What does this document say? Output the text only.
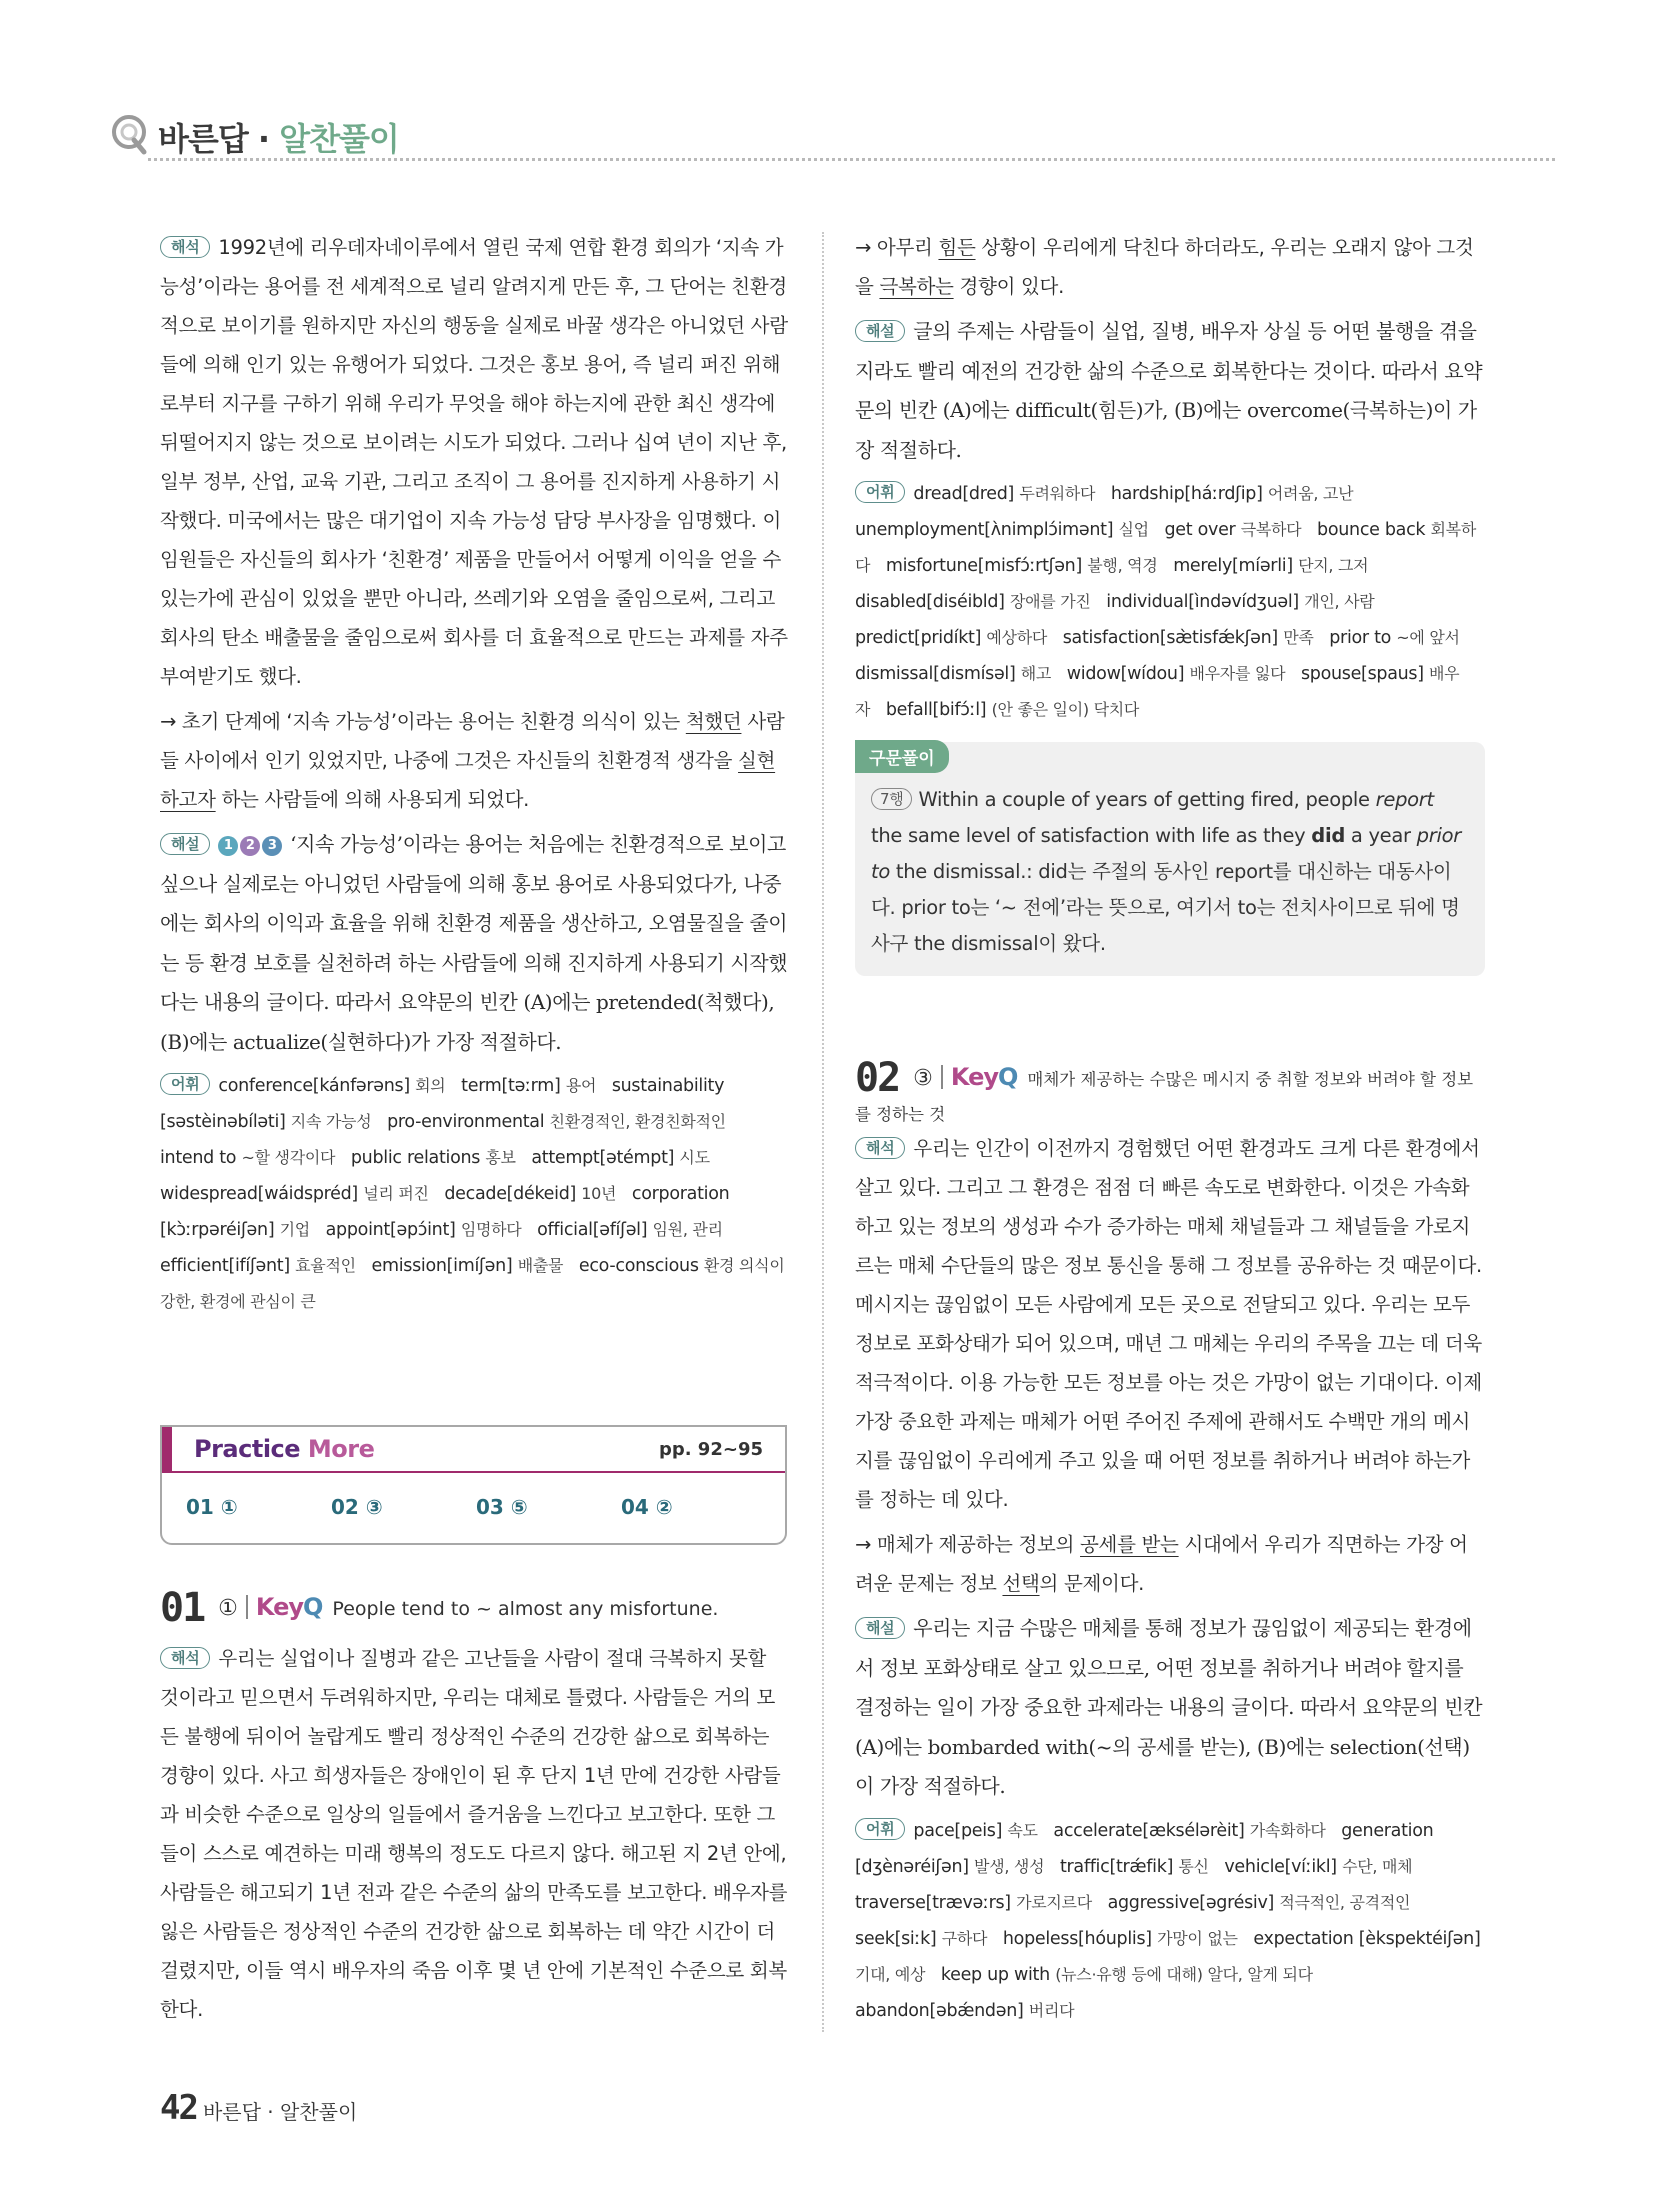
바른답 · 알찬풀이
해석 1992년에 리우데자네이루에서 열린 국제 연합 환경 회의가 ‘지속 가능성’이라는 용어를 전 세계적으로 널리 알려지게 만든 후, 그 단어는 친환경적으로 보이기를 원하지만 자신의 행동을 실제로 바꿀 생각은 아니었던 사람들에 의해 인기 있는 유행어가 되었다. 그것은 홍보 용어, 즉 널리 퍼진 위해로부터 지구를 구하기 위해 우리가 무엇을 해야 하는지에 관한 최신 생각에 뒤떨어지지 않는 것으로 보이려는 시도가 되었다. 그러나 십여 년이 지난 후, 일부 정부, 산업, 교육 기관, 그리고 조직이 그 용어를 진지하게 사용하기 시작했다. 미국에서는 많은 대기업이 지속 가능성 담당 부사장을 임명했다. 이 임원들은 자신들의 회사가 ‘친환경’ 제품을 만들어서 어떻게 이익을 얻을 수 있는가에 관심이 있었을 뿐만 아니라, 쓰레기와 오염을 줄임으로써, 그리고 회사의 탄소 배출물을 줄임으로써 회사를 더 효율적으로 만드는 과제를 자주 부여받기도 했다.
→ 초기 단계에 ‘지속 가능성’이라는 용어는 친환경 의식이 있는 척했던 사람들 사이에서 인기 있었지만, 나중에 그것은 자신들의 친환경적 생각을 실현하고자 하는 사람들에 의해 사용되게 되었다.
해설 1 2 3 ‘지속 가능성’이라는 용어는 처음에는 친환경적으로 보이고 싶으나 실제로는 아니었던 사람들에 의해 홍보 용어로 사용되었다가, 나중에는 회사의 이익과 효율을 위해 친환경 제품을 생산하고, 오염물질을 줄이는 등 환경 보호를 실천하려 하는 사람들에 의해 진지하게 사용되기 시작했다는 내용의 글이다. 따라서 요약문의 빈칸 (A)에는 pretended(척했다), (B)에는 actualize(실현하다)가 가장 적절하다.
어휘 conference[kánfərəns] 회의 term[təːrm] 용어 sustainability [səstèinəbíləti] 지속 가능성 pro-environmental 친환경적인, 환경친화적인 intend to ~할 생각이다 public relations 홍보 attempt[ətémpt] 시도 widespread[wáidspréd] 널리 퍼진 decade[dékeid] 10년 corporation [kɔ̀ːrpəréiʃən] 기업 appoint[əpɔ́int] 임명하다 official[əfíʃəl] 임원, 관리 efficient[ifíʃənt] 효율적인 emission[imíʃən] 배출물 eco-conscious 환경 의식이 강한, 환경에 관심이 큰 
Practice More	pp. 92~95
01 ①	02 ③	03 ⑤	04 ②
01 ① KeyQ People tend to ~ almost any misfortune.
해석 우리는 실업이나 질병과 같은 고난들을 사람이 절대 극복하지 못할 것이라고 믿으면서 두려워하지만, 우리는 대체로 틀렸다. 사람들은 거의 모든 불행에 뒤이어 놀랍게도 빨리 정상적인 수준의 건강한 삶으로 회복하는 경향이 있다. 사고 희생자들은 장애인이 된 후 단지 1년 만에 건강한 사람들과 비슷한 수준으로 일상의 일들에서 즐거움을 느낀다고 보고한다. 또한 그들이 스스로 예견하는 미래 행복의 정도도 다르지 않다. 해고된 지 2년 안에, 사람들은 해고되기 1년 전과 같은 수준의 삶의 만족도를 보고한다. 배우자를 잃은 사람들은 정상적인 수준의 건강한 삶으로 회복하는 데 약간 시간이 더 걸렸지만, 이들 역시 배우자의 죽음 이후 몇 년 안에 기본적인 수준으로 회복한다.
→ 아무리 힘든 상황이 우리에게 닥친다 하더라도, 우리는 오래지 않아 그것을 극복하는 경향이 있다.
해설 글의 주제는 사람들이 실업, 질병, 배우자 상실 등 어떤 불행을 겪을지라도 빨리 예전의 건강한 삶의 수준으로 회복한다는 것이다. 따라서 요약문의 빈칸 (A)에는 difficult(힘든)가, (B)에는 overcome(극복하는)이 가장 적절하다.
어휘 dread[dred] 두려워하다 hardship[háːrdʃip] 어려움, 고난 unemployment[ʌ̀nimplɔ́imənt] 실업 get over 극복하다 bounce back 회복하다 misfortune[misfɔ́ːrtʃən] 불행, 역경 merely[míərli] 단지, 그저 disabled[diséibld] 장애를 가진 individual[ìndəvídʒuəl] 개인, 사람 predict[pridíkt] 예상하다 satisfaction[sæ̀tisfǽkʃən] 만족 prior to ~에 앞서 dismissal[dismísəl] 해고 widow[wídou] 배우자를 잃다 spouse[spaus] 배우자 befall[bifɔ́ːl] (안 좋은 일이) 닥치다 
구문풀이
7행 Within a couple of years of getting fired, people report the same level of satisfaction with life as they did a year prior to the dismissal.: did는 주절의 동사인 report를 대신하는 대동사이다. prior to는 ‘~ 전에’라는 뜻으로, 여기서 to는 전치사이므로 뒤에 명사구 the dismissal이 왔다.
02 ③ KeyQ 매체가 제공하는 수많은 메시지 중 취할 정보와 버려야 할 정보를 정하는 것
해석 우리는 인간이 이전까지 경험했던 어떤 환경과도 크게 다른 환경에서 살고 있다. 그리고 그 환경은 점점 더 빠른 속도로 변화한다. 이것은 가속화 하고 있는 정보의 생성과 수가 증가하는 매체 채널들과 그 채널들을 가로지르는 매체 수단들의 많은 정보 통신을 통해 그 정보를 공유하는 것 때문이다. 메시지는 끊임없이 모든 사람에게 모든 곳으로 전달되고 있다. 우리는 모두 정보로 포화상태가 되어 있으며, 매년 그 매체는 우리의 주목을 끄는 데 더욱 적극적이다. 이용 가능한 모든 정보를 아는 것은 가망이 없는 기대이다. 이제 가장 중요한 과제는 매체가 어떤 주어진 주제에 관해서도 수백만 개의 메시지를 끊임없이 우리에게 주고 있을 때 어떤 정보를 취하거나 버려야 하는가를 정하는 데 있다.
→ 매체가 제공하는 정보의 공세를 받는 시대에서 우리가 직면하는 가장 어려운 문제는 정보 선택의 문제이다.
해설 우리는 지금 수많은 매체를 통해 정보가 끊임없이 제공되는 환경에서 정보 포화상태로 살고 있으므로, 어떤 정보를 취하거나 버려야 할지를 결정하는 일이 가장 중요한 과제라는 내용의 글이다. 따라서 요약문의 빈칸 (A)에는 bombarded with(~의 공세를 받는), (B)에는 selection(선택)이 가장 적절하다.
어휘 pace[peis] 속도 accelerate[æksélərèit] 가속화하다 generation [dʒènəréiʃən] 발생, 생성 traffic[trǽfik] 통신 vehicle[víːikl] 수단, 매체 traverse[trævəːrs] 가로지르다 aggressive[əgrésiv] 적극적인, 공격적인 seek[siːk] 구하다 hopeless[hóuplis] 가망이 없는 expectation [èkspektéiʃən] 기대, 예상 keep up with (뉴스·유행 등에 대해) 알다, 알게 되다 abandon[əbǽndən] 버리다 
42 바른답 · 알찬풀이
